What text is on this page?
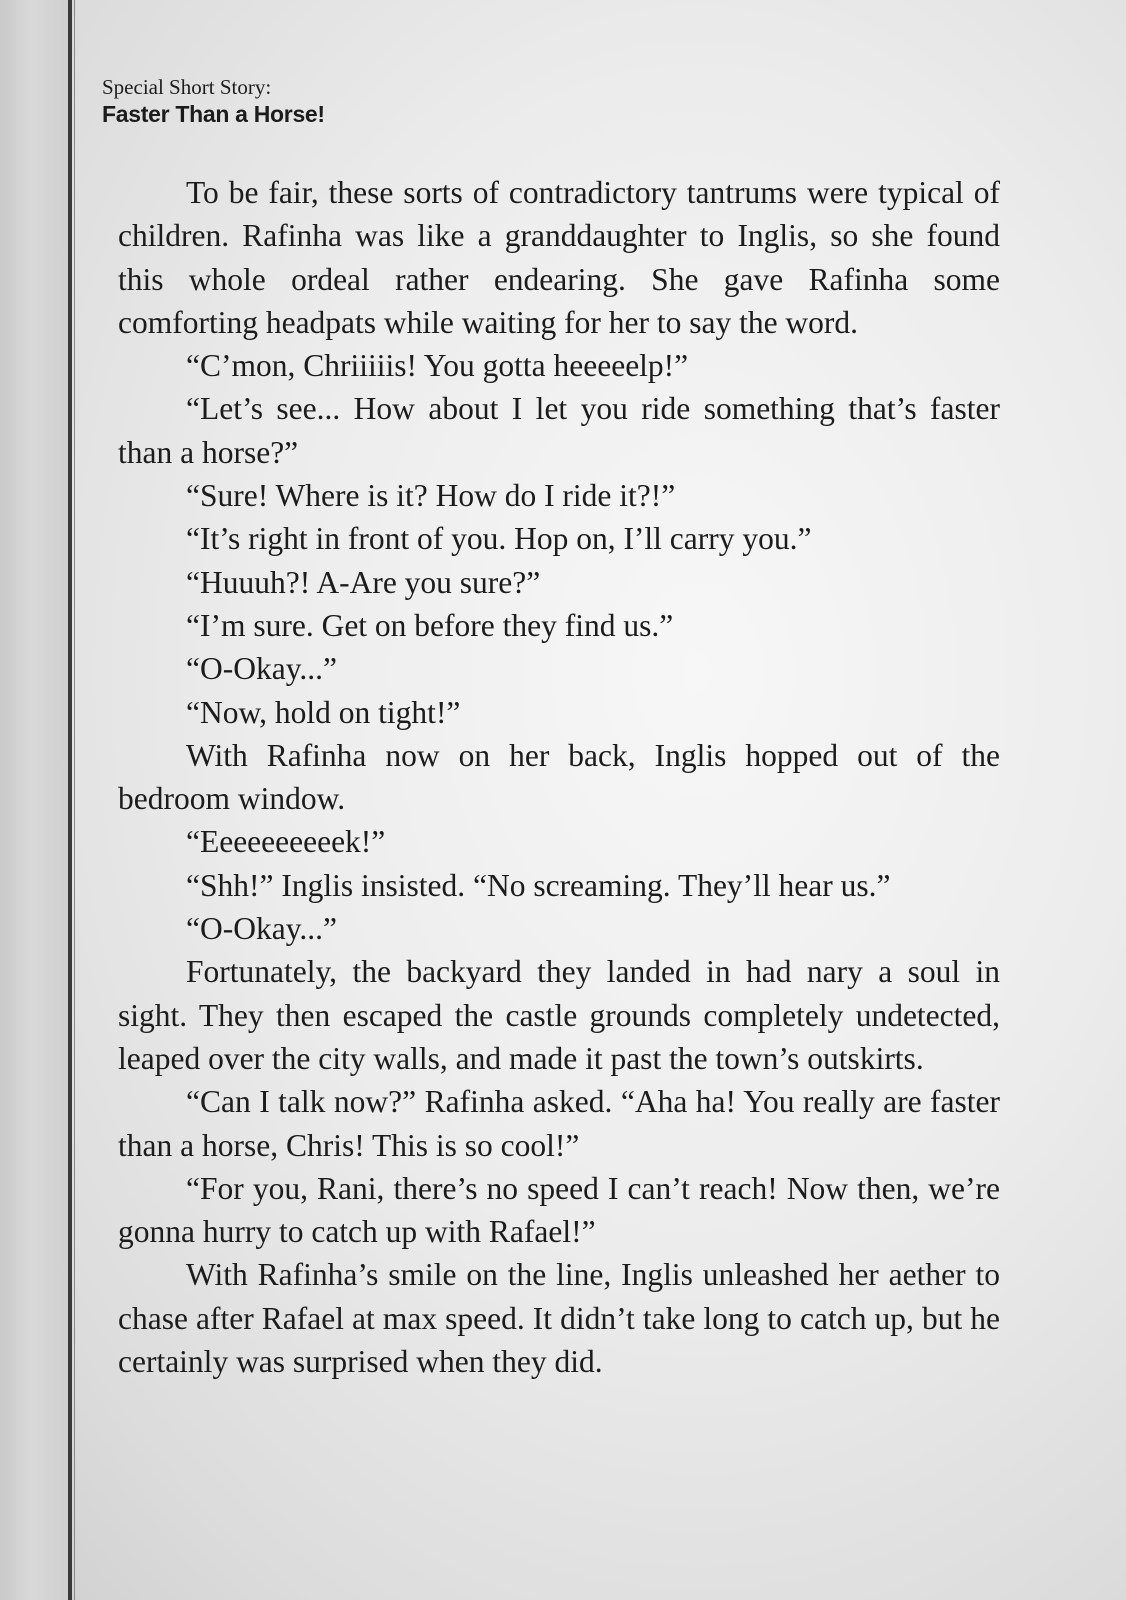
Special Short Story:

Faster Than a Horse!

To be fair, these sorts of contradictory tantrums were typical of children. Rafinha was like a granddaughter to Inglis, so she found this whole ordeal rather endearing. She gave Rafinha some comforting headpats while waiting for her to say the word.

“C’mon, Chriiiiis! You gotta heeeeelp!”

“Let’s see... How about I let you ride something that’s faster than a horse?”

“Sure! Where is it? How do I ride it?!”

“It’s right in front of you. Hop on, I’ll carry you.”

“Huuuh?! A-Are you sure?”

“I’m sure. Get on before they find us.”

“O-Okay...”

“Now, hold on tight!”

With Rafinha now on her back, Inglis hopped out of the bedroom window.

“Eeeeeeeeeek!”

“Shh!” Inglis insisted. “No screaming. They’ll hear us.”

“O-Okay...”

Fortunately, the backyard they landed in had nary a soul in sight. They then escaped the castle grounds completely undetected, leaped over the city walls, and made it past the town’s outskirts.

“Can I talk now?” Rafinha asked. “Aha ha! You really are faster than a horse, Chris! This is so cool!”

“For you, Rani, there’s no speed I can’t reach! Now then, we’re gonna hurry to catch up with Rafael!”

With Rafinha’s smile on the line, Inglis unleashed her aether to chase after Rafael at max speed. It didn’t take long to catch up, but he certainly was surprised when they did.
